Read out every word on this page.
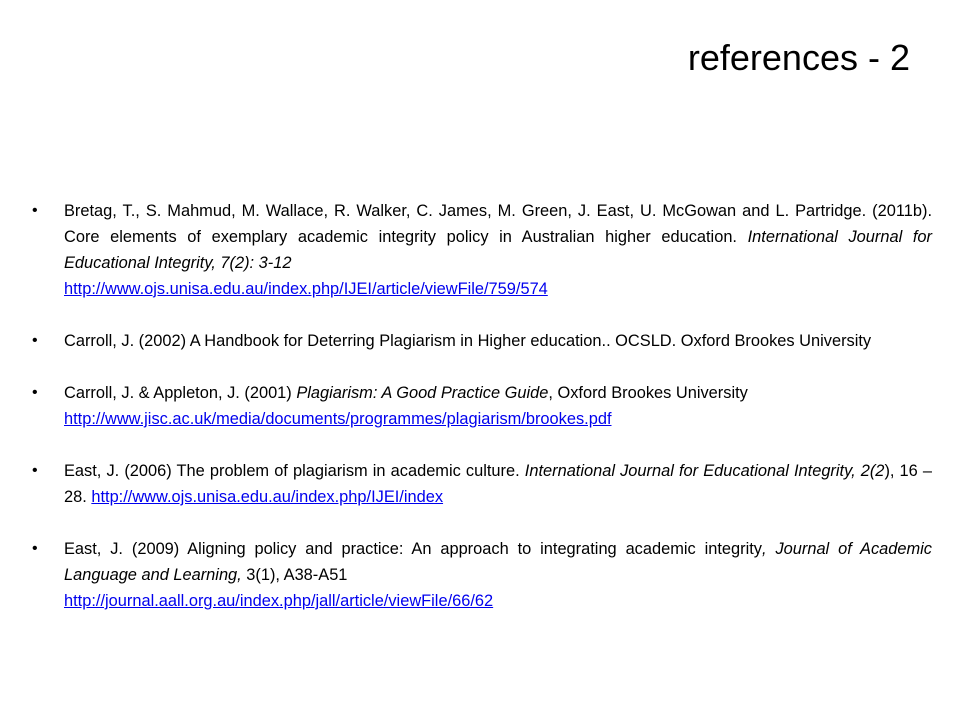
references - 2
• Bretag, T., S. Mahmud, M. Wallace, R. Walker, C. James, M. Green, J. East, U. McGowan and L. Partridge. (2011b). Core elements of exemplary academic integrity policy in Australian higher education. International Journal for Educational Integrity, 7(2): 3-12
http://www.ojs.unisa.edu.au/index.php/IJEI/article/viewFile/759/574
• Carroll, J. (2002) A Handbook for Deterring Plagiarism in Higher education.. OCSLD. Oxford Brookes University
• Carroll, J. & Appleton, J. (2001) Plagiarism: A Good Practice Guide, Oxford Brookes University
http://www.jisc.ac.uk/media/documents/programmes/plagiarism/brookes.pdf
• East, J. (2006) The problem of plagiarism in academic culture. International Journal for Educational Integrity, 2(2), 16 – 28. http://www.ojs.unisa.edu.au/index.php/IJEI/index
• East, J. (2009) Aligning policy and practice: An approach to integrating academic integrity, Journal of Academic Language and Learning, 3(1), A38-A51
http://journal.aall.org.au/index.php/jall/article/viewFile/66/62
